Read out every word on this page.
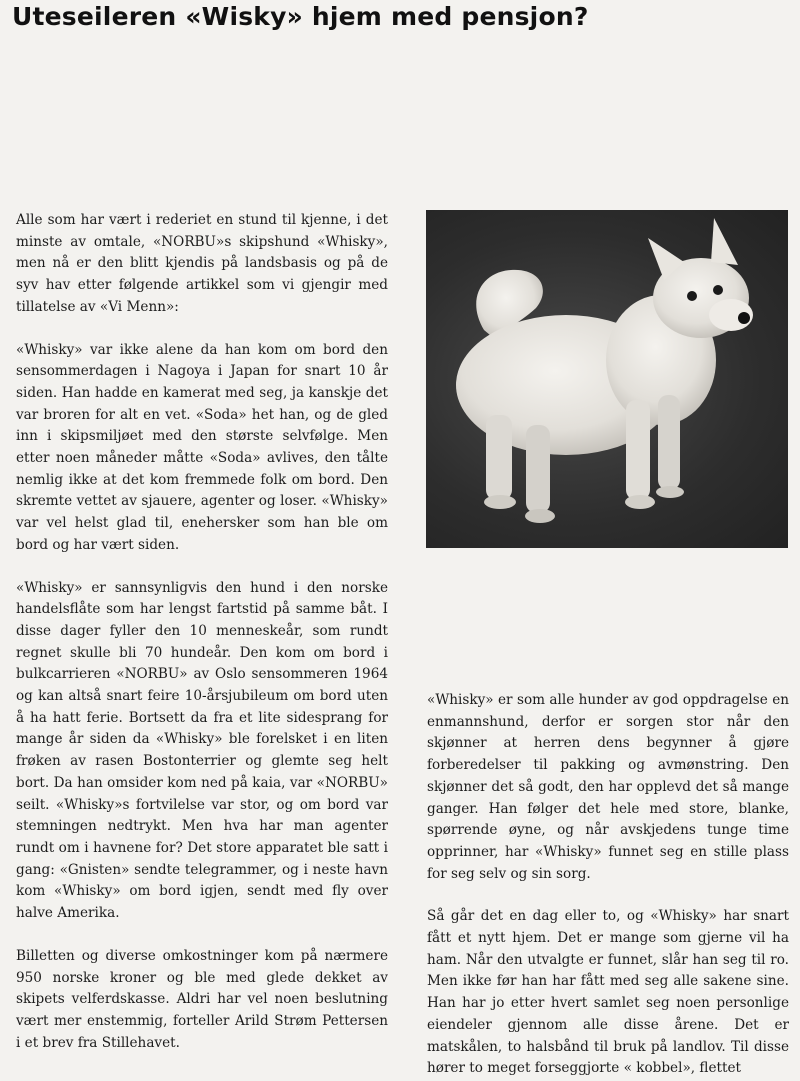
Uteseileren «Wisky» hjem med pensjon?

Alle som har vært i rederiet en stund til kjenne, i det minste av omtale, «NORBU»s skipshund «Whisky», men nå er den blitt kjendis på landsbasis og på de syv hav etter følgende artikkel som vi gjengir med tillatelse av «Vi Menn»:

«Whisky» var ikke alene da han kom om bord den sensommerdagen i Nagoya i Japan for snart 10 år siden. Han hadde en kamerat med seg, ja kanskje det var broren for alt en vet. «Soda» het han, og de gled inn i skipsmiljøet med den største selvfølge. Men etter noen måneder måtte «Soda» avlives, den tålte nemlig ikke at det kom fremmede folk om bord. Den skremte vettet av sjauere, agenter og loser. «Whisky» var vel helst glad til, enehersker som han ble om bord og har vært siden.

«Whisky» er sannsynligvis den hund i den norske handelsflåte som har lengst fartstid på samme båt. I disse dager fyller den 10 menneskeår, som rundt regnet skulle bli 70 hundeår. Den kom om bord i bulkcarrieren «NORBU» av Oslo sensommeren 1964 og kan altså snart feire 10-årsjubileum om bord uten å ha hatt ferie. Bortsett da fra et lite sidesprang for mange år siden da «Whisky» ble forelsket i en liten frøken av rasen Bostonterrier og glemte seg helt bort. Da han omsider kom ned på kaia, var «NORBU» seilt. «Whisky»s fortvilelse var stor, og om bord var stemningen nedtrykt. Men hva har man agenter rundt om i havnene for? Det store apparatet ble satt i gang: «Gnisten» sendte telegrammer, og i neste havn kom «Whisky» om bord igjen, sendt med fly over halve Amerika.

Billetten og diverse omkostninger kom på nærmere 950 norske kroner og ble med glede dekket av skipets velferdskasse. Aldri har vel noen beslutning vært mer enstemmig, forteller Arild Strøm Pettersen i et brev fra Stillehavet.

«Whisky» er som alle hunder av god oppdragelse en enmannshund, derfor er sorgen stor når den skjønner at herren dens begynner å gjøre forberedelser til pakking og avmønstring. Den skjønner det så godt, den har opplevd det så mange ganger. Han følger det hele med store, blanke, spørrende øyne, og når avskjedens tunge time opprinner, har «Whisky» funnet seg en stille plass for seg selv og sin sorg.

Så går det en dag eller to, og «Whisky» har snart fått et nytt hjem. Det er mange som gjerne vil ha ham. Når den utvalgte er funnet, slår han seg til ro. Men ikke før han har fått med seg alle sakene sine. Han har jo etter hvert samlet seg noen personlige eiendeler gjennom alle disse årene. Det er matskålen, to halsbånd til bruk på landlov. Til disse hører to meget forseggjorte « kobbel», flettet
